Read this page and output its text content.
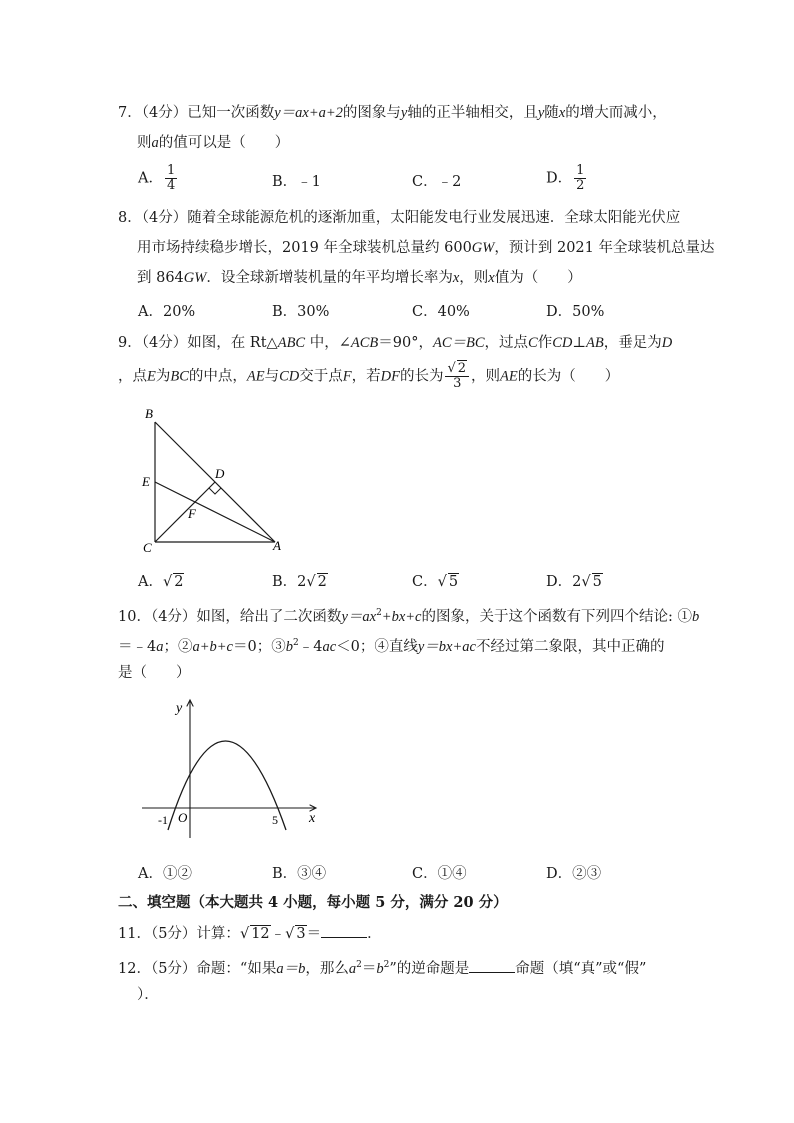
7．（4分）已知一次函数y＝ax+a+2的图象与y轴的正半轴相交，且y随x的增大而减小，
则a的值可以是（　　）
A． $\frac{1}{4}$	B．﹣1	C．﹣2	D． $\frac{1}{2}$
8．（4分）随着全球能源危机的逐渐加重，太阳能发电行业发展迅速．全球太阳能光伏应
用市场持续稳步增长，2019 年全球装机总量约 600GW，预计到 2021 年全球装机总量达
到 864GW．设全球新增装机量的年平均增长率为x，则x值为（　　）
A．20%	B．30%	C．40%	D．50%
9．（4分）如图，在 Rt△ABC 中，∠ACB＝90°，AC＝BC，过点C作CD⊥AB，垂足为D
，点E为BC的中点，AE与CD交于点F，若DF的长为 $\frac{√ 2}{3}$ ，则AE的长为（　　）
B
E
C	A
D
F
A．√ 2	B．2√ 2	C．√ 5	D．2√ 5
10．（4分）如图，给出了二次函数$y=ax^2+bx+c$的图象，关于这个函数有下列四个结论: ①b
＝﹣4a；②a+b+c＝0；$③b^2﹣4ac<0$；④直线y＝bx+ac不经过第二象限，其中正确的
是（　　）
y
x
O
-1	5
A．①②	B．③④	C．①④	D．②③
二、填空题（本大题共 4 小题，每小题 5 分，满分 20 分）
11．（5分）计算：√ 12﹣√ 3＝	．
12．（5分）命题：“如果a＝b，那么$a^2=b^2$”的逆命题是	命题（填“真”或“假”
）．
